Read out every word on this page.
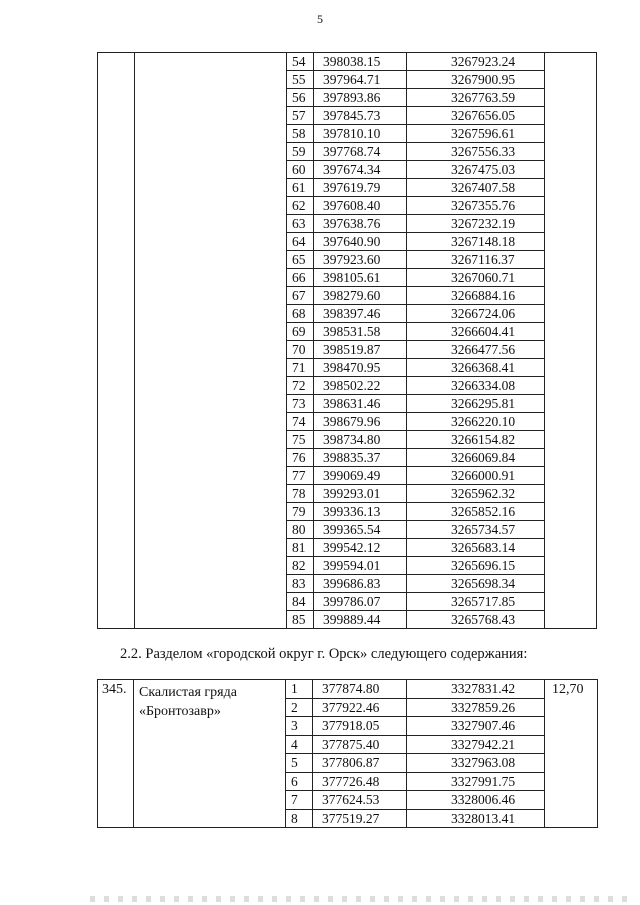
5
		54	398038.15	3267923.24	
		55	397964.71	3267900.95	
		56	397893.86	3267763.59	
		57	397845.73	3267656.05	
		58	397810.10	3267596.61	
		59	397768.74	3267556.33	
		60	397674.34	3267475.03	
		61	397619.79	3267407.58	
		62	397608.40	3267355.76	
		63	397638.76	3267232.19	
		64	397640.90	3267148.18	
		65	397923.60	3267116.37	
		66	398105.61	3267060.71	
		67	398279.60	3266884.16	
		68	398397.46	3266724.06	
		69	398531.58	3266604.41	
		70	398519.87	3266477.56	
		71	398470.95	3266368.41	
		72	398502.22	3266334.08	
		73	398631.46	3266295.81	
		74	398679.96	3266220.10	
		75	398734.80	3266154.82	
		76	398835.37	3266069.84	
		77	399069.49	3266000.91	
		78	399293.01	3265962.32	
		79	399336.13	3265852.16	
		80	399365.54	3265734.57	
		81	399542.12	3265683.14	
		82	399594.01	3265696.15	
		83	399686.83	3265698.34	
		84	399786.07	3265717.85	
		85	399889.44	3265768.43	
2.2. Разделом «городской округ г. Орск» следующего содержания:
345.	Скалистая гряда
«Бронтозавр»	1	377874.80	3327831.42	12,70
		2	377922.46	3327859.26	
		3	377918.05	3327907.46	
		4	377875.40	3327942.21	
		5	377806.87	3327963.08	
		6	377726.48	3327991.75	
		7	377624.53	3328006.46	
		8	377519.27	3328013.41	
